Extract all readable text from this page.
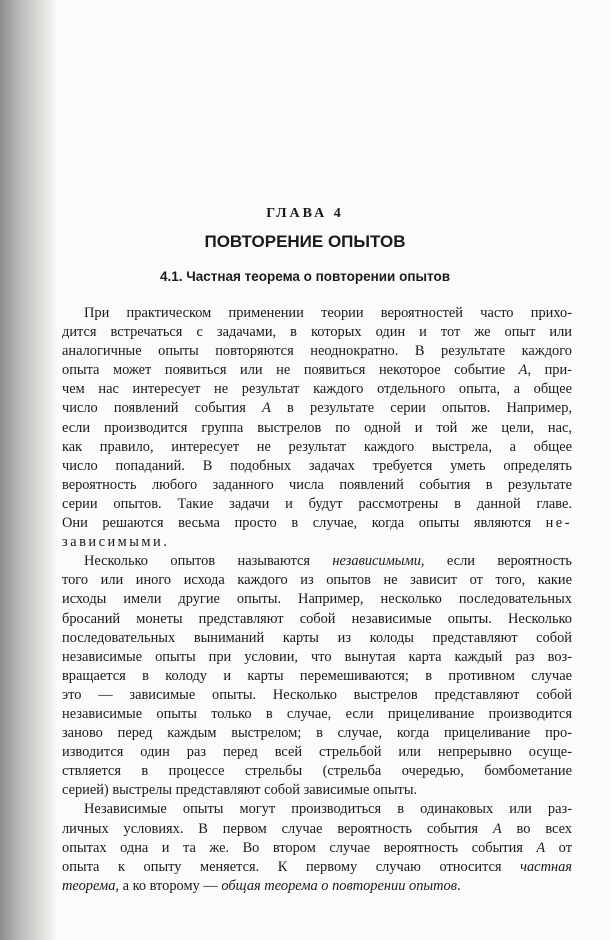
ГЛАВА 4
ПОВТОРЕНИЕ ОПЫТОВ
4.1. Частная теорема о повторении опытов
При практическом применении теории вероятностей часто прихо-
дится встречаться с задачами, в которых один и тот же опыт или
аналогичные опыты повторяются неоднократно. В результате каждого
опыта может появиться или не появиться некоторое событие A, при-
чем нас интересует не результат каждого отдельного опыта, а общее
число появлений события A в результате серии опытов. Например,
если производится группа выстрелов по одной и той же цели, нас,
как правило, интересует не результат каждого выстрела, а общее
число попаданий. В подобных задачах требуется уметь определять
вероятность любого заданного числа появлений события в результате
серии опытов. Такие задачи и будут рассмотрены в данной главе.
Они решаются весьма просто в случае, когда опыты являются не-
зависимыми.
Несколько опытов называются независимыми, если вероятность
того или иного исхода каждого из опытов не зависит от того, какие
исходы имели другие опыты. Например, несколько последовательных
бросаний монеты представляют собой независимые опыты. Несколько
последовательных выниманий карты из колоды представляют собой
независимые опыты при условии, что вынутая карта каждый раз воз-
вращается в колоду и карты перемешиваются; в противном случае
это — зависимые опыты. Несколько выстрелов представляют собой
независимые опыты только в случае, если прицеливание производится
заново перед каждым выстрелом; в случае, когда прицеливание про-
изводится один раз перед всей стрельбой или непрерывно осуще-
ствляется в процессе стрельбы (стрельба очередью, бомбометание
серией) выстрелы представляют собой зависимые опыты.
Независимые опыты могут производиться в одинаковых или раз-
личных условиях. В первом случае вероятность события A во всех
опытах одна и та же. Во втором случае вероятность события A от
опыта к опыту меняется. К первому случаю относится частная
теорема, а ко второму — общая теорема о повторении опытов.
